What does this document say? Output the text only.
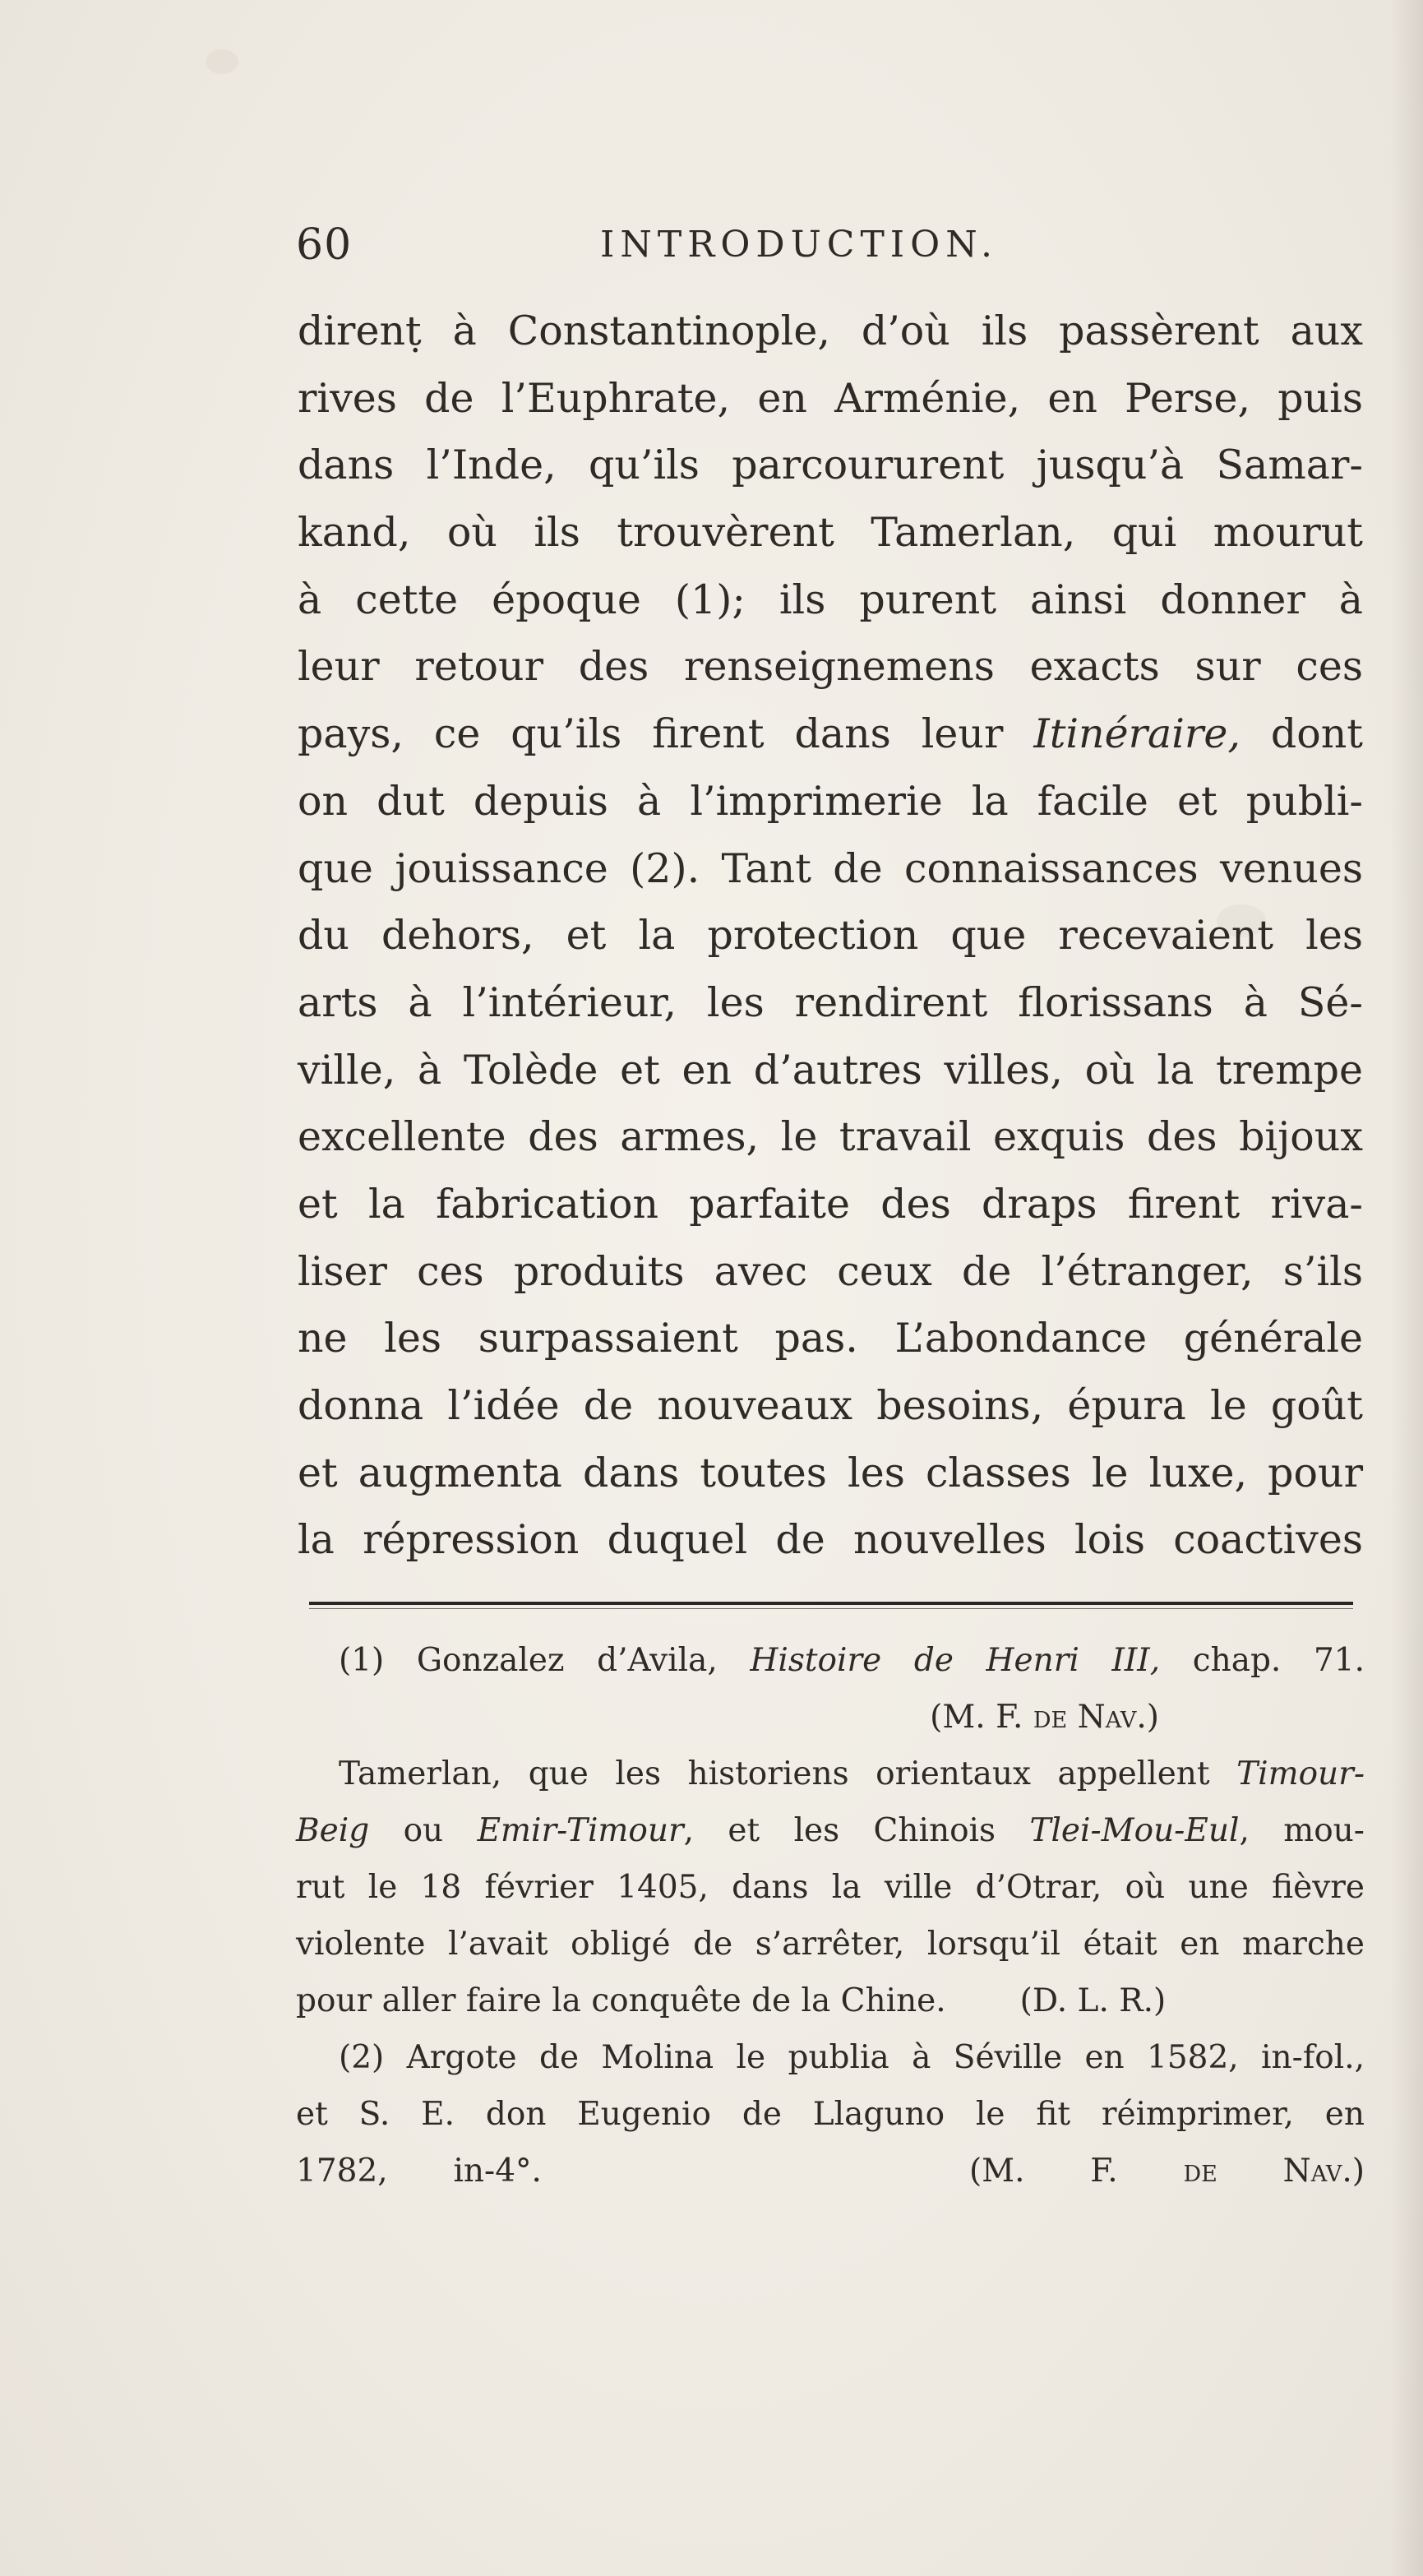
60	INTRODUCTION.
direnṭ à Constantinople, d’où ils passèrent aux
rives de l’Euphrate, en Arménie, en Perse, puis
dans l’Inde, qu’ils parcoururent jusqu’à Samar-
kand, où ils trouvèrent Tamerlan, qui mourut
à cette époque (1); ils purent ainsi donner à
leur retour des renseignemens exacts sur ces
pays, ce qu’ils firent dans leur Itinéraire, dont
on dut depuis à l’imprimerie la facile et publi-
que jouissance (2). Tant de connaissances venues
du dehors, et la protection que recevaient les
arts à l’intérieur, les rendirent florissans à Sé-
ville, à Tolède et en d’autres villes, où la trempe
excellente des armes, le travail exquis des bijoux
et la fabrication parfaite des draps firent riva-
liser ces produits avec ceux de l’étranger, s’ils
ne les surpassaient pas. L’abondance générale
donna l’idée de nouveaux besoins, épura le goût
et augmenta dans toutes les classes le luxe, pour
la répression duquel de nouvelles lois coactives
(1) Gonzalez d’Avila, Histoire de Henri III, chap. 71.
(M. F. de Nav.)
Tamerlan, que les historiens orientaux appellent Timour-
Beig ou Emir-Timour, et les Chinois Tlei-Mou-Eul, mou-
rut le 18 février 1405, dans la ville d’Otrar, où une fièvre
violente l’avait obligé de s’arrêter, lorsqu’il était en marche
pour aller faire la conquête de la Chine. (D. L. R.)
(2) Argote de Molina le publia à Séville en 1582, in-fol.,
et S. E. don Eugenio de Llaguno le fit réimprimer, en
1782, in-4°.	(M. F. de Nav.)
